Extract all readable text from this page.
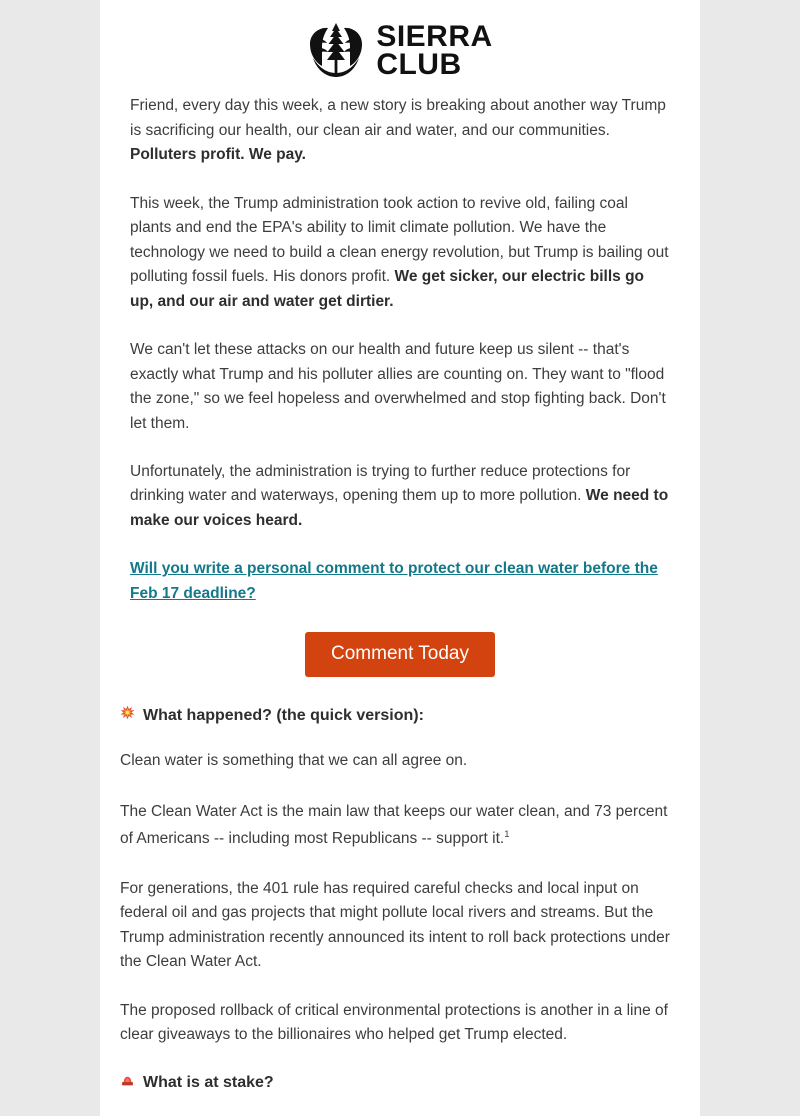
SIERRA
CLUB

Friend, every day this week, a new story is breaking about another way Trump is sacrificing our health, our clean air and water, and our communities. Polluters profit. We pay.

This week, the Trump administration took action to revive old, failing coal plants and end the EPA's ability to limit climate pollution. We have the technology we need to build a clean energy revolution, but Trump is bailing out polluting fossil fuels. His donors profit. We get sicker, our electric bills go up, and our air and water get dirtier.

We can't let these attacks on our health and future keep us silent -- that's exactly what Trump and his polluter allies are counting on. They want to "flood the zone," so we feel hopeless and overwhelmed and stop fighting back. Don't let them.

Unfortunately, the administration is trying to further reduce protections for drinking water and waterways, opening them up to more pollution. We need to make our voices heard.

Will you write a personal comment to protect our clean water before the Feb 17 deadline?

Comment Today
What happened? (the quick version):

Clean water is something that we can all agree on.

The Clean Water Act is the main law that keeps our water clean, and 73 percent of Americans -- including most Republicans -- support it.$^1$

For generations, the 401 rule has required careful checks and local input on federal oil and gas projects that might pollute local rivers and streams. But the Trump administration recently announced its intent to roll back protections under the Clean Water Act.

The proposed rollback of critical environmental protections is another in a line of clear giveaways to the billionaires who helped get Trump elected.

What is at stake?
